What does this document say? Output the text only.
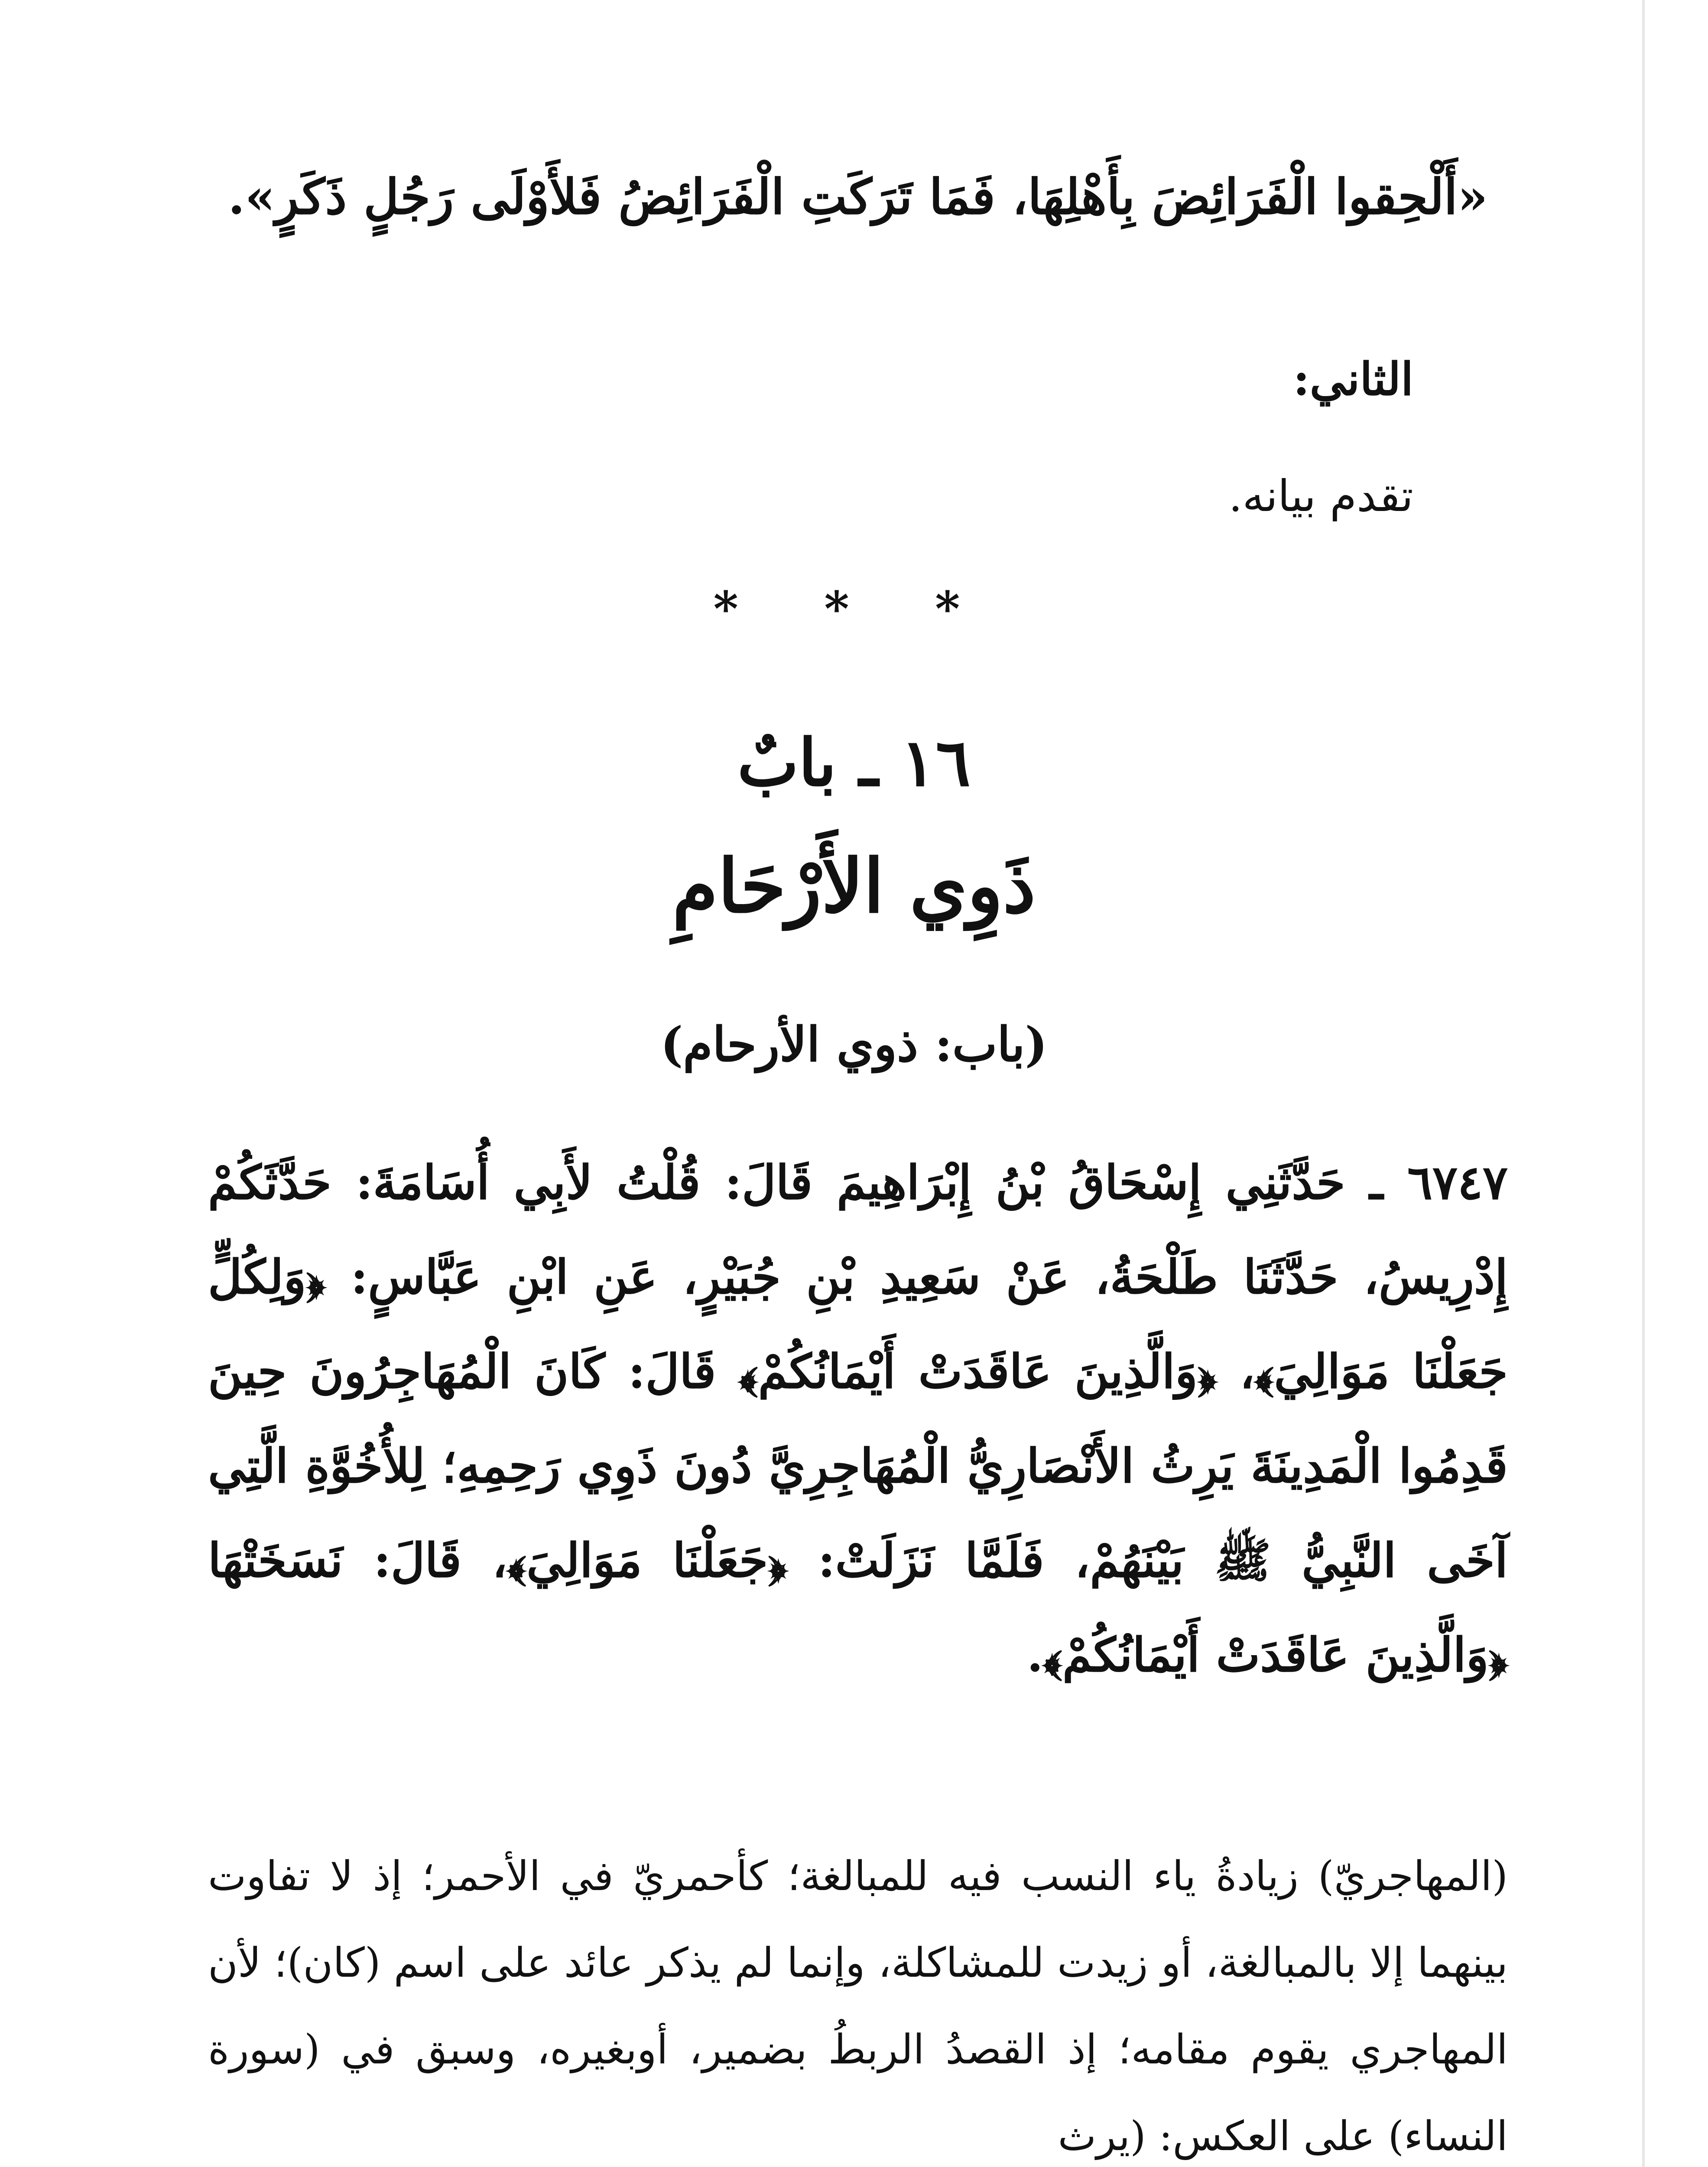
«أَلْحِقوا الْفَرَائِضَ بِأَهْلِهَا، فَمَا تَرَكَتِ الْفَرَائِضُ فَلأَوْلَى رَجُلٍ ذَكَرٍ».
الثاني:
تقدم بيانه.
* * *
١٦ ـ بابٌ
ذَوِي الأَرْحَامِ
(باب: ذوي الأرحام)
٦٧٤٧ ـ حَدَّثَنِي إِسْحَاقُ بْنُ إِبْرَاهِيمَ قَالَ: قُلْتُ لأَبِي أُسَامَةَ: حَدَّثَكُمْ إِدْرِيسُ، حَدَّثَنَا طَلْحَةُ، عَنْ سَعِيدِ بْنِ جُبَيْرٍ، عَنِ ابْنِ عَبَّاسٍ: ﴿وَلِكُلٍّ جَعَلْنَا مَوَالِيَ﴾، ﴿وَالَّذِينَ عَاقَدَتْ أَيْمَانُكُمْ﴾ قَالَ: كَانَ الْمُهَاجِرُونَ حِينَ قَدِمُوا الْمَدِينَةَ يَرِثُ الأَنْصَارِيُّ الْمُهَاجِرِيَّ دُونَ ذَوِي رَحِمِهِ؛ لِلأُخُوَّةِ الَّتِي آخَى النَّبِيُّ ﷺ بَيْنَهُمْ، فَلَمَّا نَزَلَتْ: ﴿جَعَلْنَا مَوَالِيَ﴾، قَالَ: نَسَخَتْهَا ﴿وَالَّذِينَ عَاقَدَتْ أَيْمَانُكُمْ﴾.
(المهاجريّ) زيادةُ ياء النسب فيه للمبالغة؛ كأحمريّ في الأحمر؛ إذ لا تفاوت بينهما إلا بالمبالغة، أو زيدت للمشاكلة، وإنما لم يذكر عائد على اسم (كان)؛ لأن المهاجري يقوم مقامه؛ إذ القصدُ الربطُ بضمير، أوبغيره، وسبق في (سورة النساء) على العكس: (يرث
